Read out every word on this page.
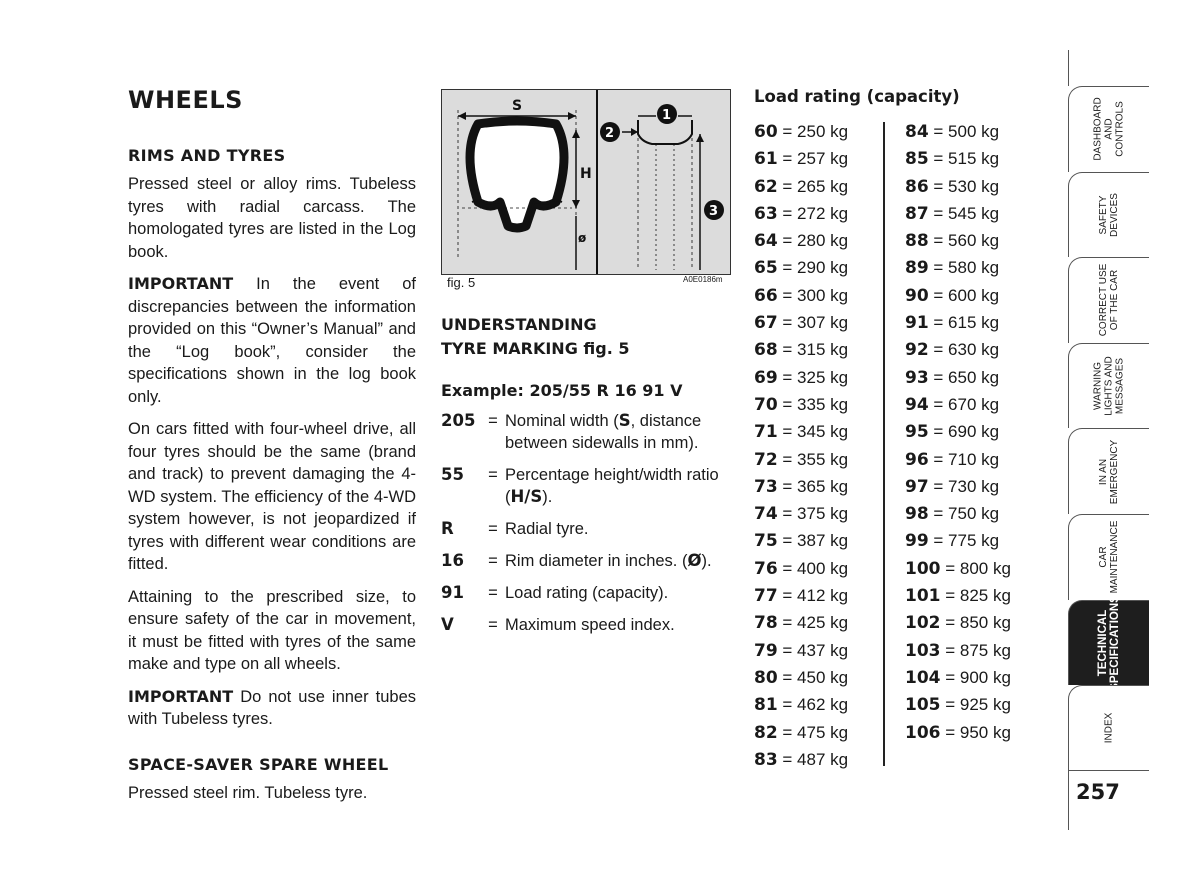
WHEELS
RIMS AND TYRES

Pressed steel or alloy rims. Tubeless tyres with radial carcass. The homologated tyres are listed in the Log book.

IMPORTANT In the event of discrepancies between the information provided on this “Owner’s Manual” and the “Log book”, consider the specifications shown in the log book only.

On cars fitted with four-wheel drive, all four tyres should be the same (brand and track) to prevent damaging the 4-WD system. The efficiency of the 4-WD system however, is not jeopardized if tyres with different wear conditions are fitted.

Attaining to the prescribed size, to ensure safety of the car in movement, it must be fitted with tyres of the same make and type on all wheels.

IMPORTANT Do not use inner tubes with Tubeless tyres.

SPACE-SAVER SPARE WHEEL

Pressed steel rim. Tubeless tyre.

S
H
ø
1
2
3
fig. 5	A0E0186m
UNDERSTANDING
TYRE MARKING fig. 5
Example: 205/55 R 16 91 V
205 = Nominal width (S, distance between sidewalls in mm).
55	= Percentage height/width ratio (H/S).
R	= Radial tyre.
16	= Rim diameter in inches. (Ø).
91	= Load rating (capacity).
V	= Maximum speed index.
Load rating (capacity)
60 = 250 kg
61 = 257 kg
62 = 265 kg
63 = 272 kg
64 = 280 kg
65 = 290 kg
66 = 300 kg
67 = 307 kg
68 = 315 kg
69 = 325 kg
70 = 335 kg
71 = 345 kg
72 = 355 kg
73 = 365 kg
74 = 375 kg
75 = 387 kg
76 = 400 kg
77 = 412 kg
78 = 425 kg
79 = 437 kg
80 = 450 kg
81 = 462 kg
82 = 475 kg
83 = 487 kg
84 = 500 kg
85 = 515 kg
86 = 530 kg
87 = 545 kg
88 = 560 kg
89 = 580 kg
90 = 600 kg
91 = 615 kg
92 = 630 kg
93 = 650 kg
94 = 670 kg
95 = 690 kg
96 = 710 kg
97 = 730 kg
98 = 750 kg
99 = 775 kg
100 = 800 kg
101 = 825 kg
102 = 850 kg
103 = 875 kg
104 = 900 kg
105 = 925 kg
106 = 950 kg
DASHBOARD
AND
CONTROLS
SAFETY
DEVICES
CORRECT USE
OF THE CAR
WARNING
LIGHTS AND
MESSAGES
IN AN
EMERGENCY
CAR
MAINTENANCE
TECHNICAL
SPECIFICATIONS
INDEX
257
